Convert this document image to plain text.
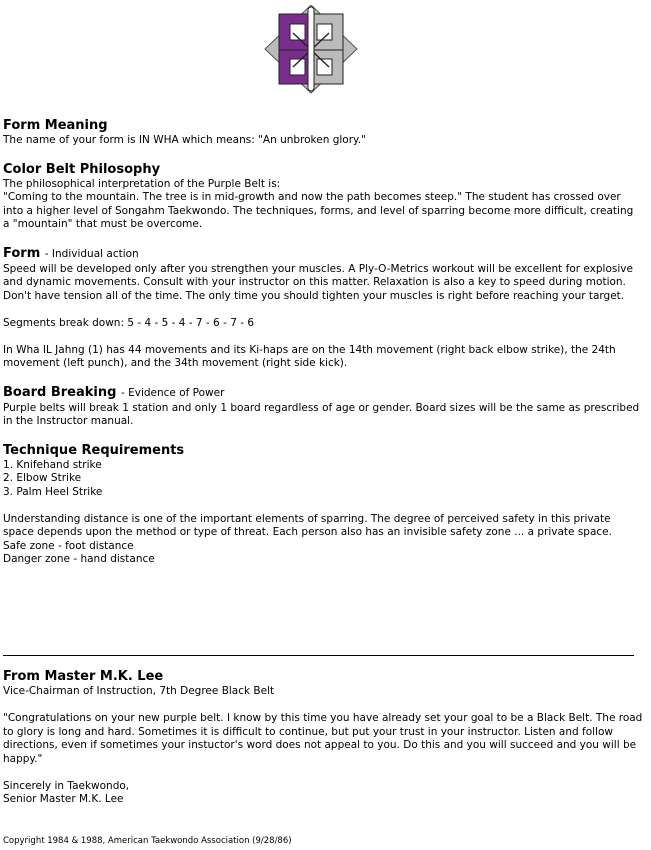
Form Meaning

The name of your form is IN WHA which means: "An unbroken glory."

Color Belt Philosophy

The philosophical interpretation of the Purple Belt is:

"Coming to the mountain. The tree is in mid-growth and now the path becomes steep." The student has crossed over into a higher level of Songahm Taekwondo. The techniques, forms, and level of sparring become more difficult, creating a "mountain" that must be overcome.

Form - Individual action

Speed will be developed only after you strengthen your muscles. A Ply-O-Metrics workout will be excellent for explosive and dynamic movements. Consult with your instructor on this matter. Relaxation is also a key to speed during motion. Don't have tension all of the time. The only time you should tighten your muscles is right before reaching your target.

Segments break down: 5 - 4 - 5 - 4 - 7 - 6 - 7 - 6

In Wha IL Jahng (1) has 44 movements and its Ki-haps are on the 14th movement (right back elbow strike), the 24th movement (left punch), and the 34th movement (right side kick).

Board Breaking - Evidence of Power

Purple belts will break 1 station and only 1 board regardless of age or gender. Board sizes will be the same as prescribed in the Instructor manual.

Technique Requirements

1. Knifehand strike

2. Elbow Strike

3. Palm Heel Strike

Understanding distance is one of the important elements of sparring. The degree of perceived safety in this private space depends upon the method or type of threat. Each person also has an invisible safety zone ... a private space.

Safe zone - foot distance

Danger zone - hand distance

From Master M.K. Lee

Vice-Chairman of Instruction, 7th Degree Black Belt

"Congratulations on your new purple belt. I know by this time you have already set your goal to be a Black Belt. The road to glory is long and hard. Sometimes it is difficult to continue, but put your trust in your instructor. Listen and follow directions, even if sometimes your instuctor's word does not appeal to you. Do this and you will succeed and you will be happy."

Sincerely in Taekwondo,

Senior Master M.K. Lee

Copyright 1984 & 1988, American Taekwondo Association (9/28/86)
